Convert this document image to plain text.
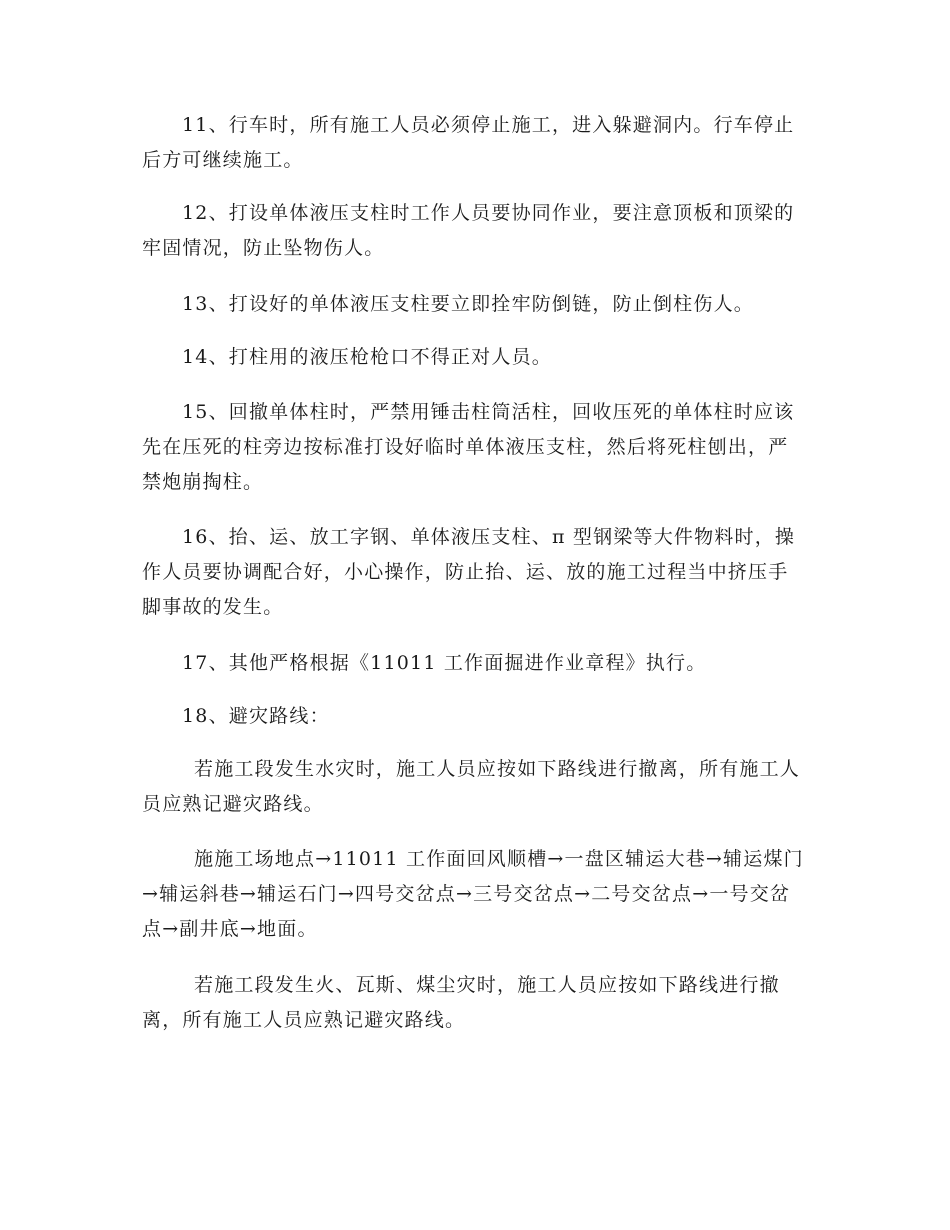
11、行车时，所有施工人员必须停止施工，进入躲避洞内。行车停止后方可继续施工。

12、打设单体液压支柱时工作人员要协同作业，要注意顶板和顶梁的牢固情况，防止坠物伤人。

13、打设好的单体液压支柱要立即拴牢防倒链，防止倒柱伤人。

14、打柱用的液压枪枪口不得正对人员。

15、回撤单体柱时，严禁用锤击柱筒活柱，回收压死的单体柱时应该先在压死的柱旁边按标准打设好临时单体液压支柱，然后将死柱刨出，严禁炮崩掏柱。

16、抬、运、放工字钢、单体液压支柱、π 型钢梁等大件物料时，操作人员要协调配合好，小心操作，防止抬、运、放的施工过程当中挤压手脚事故的发生。

17、其他严格根据《11011 工作面掘进作业章程》执行。

18、避灾路线：

若施工段发生水灾时，施工人员应按如下路线进行撤离，所有施工人员应熟记避灾路线。

施施工场地点→11011 工作面回风顺槽→一盘区辅运大巷→辅运煤门→辅运斜巷→辅运石门→四号交岔点→三号交岔点→二号交岔点→一号交岔点→副井底→地面。

若施工段发生火、瓦斯、煤尘灾时，施工人员应按如下路线进行撤离，所有施工人员应熟记避灾路线。
